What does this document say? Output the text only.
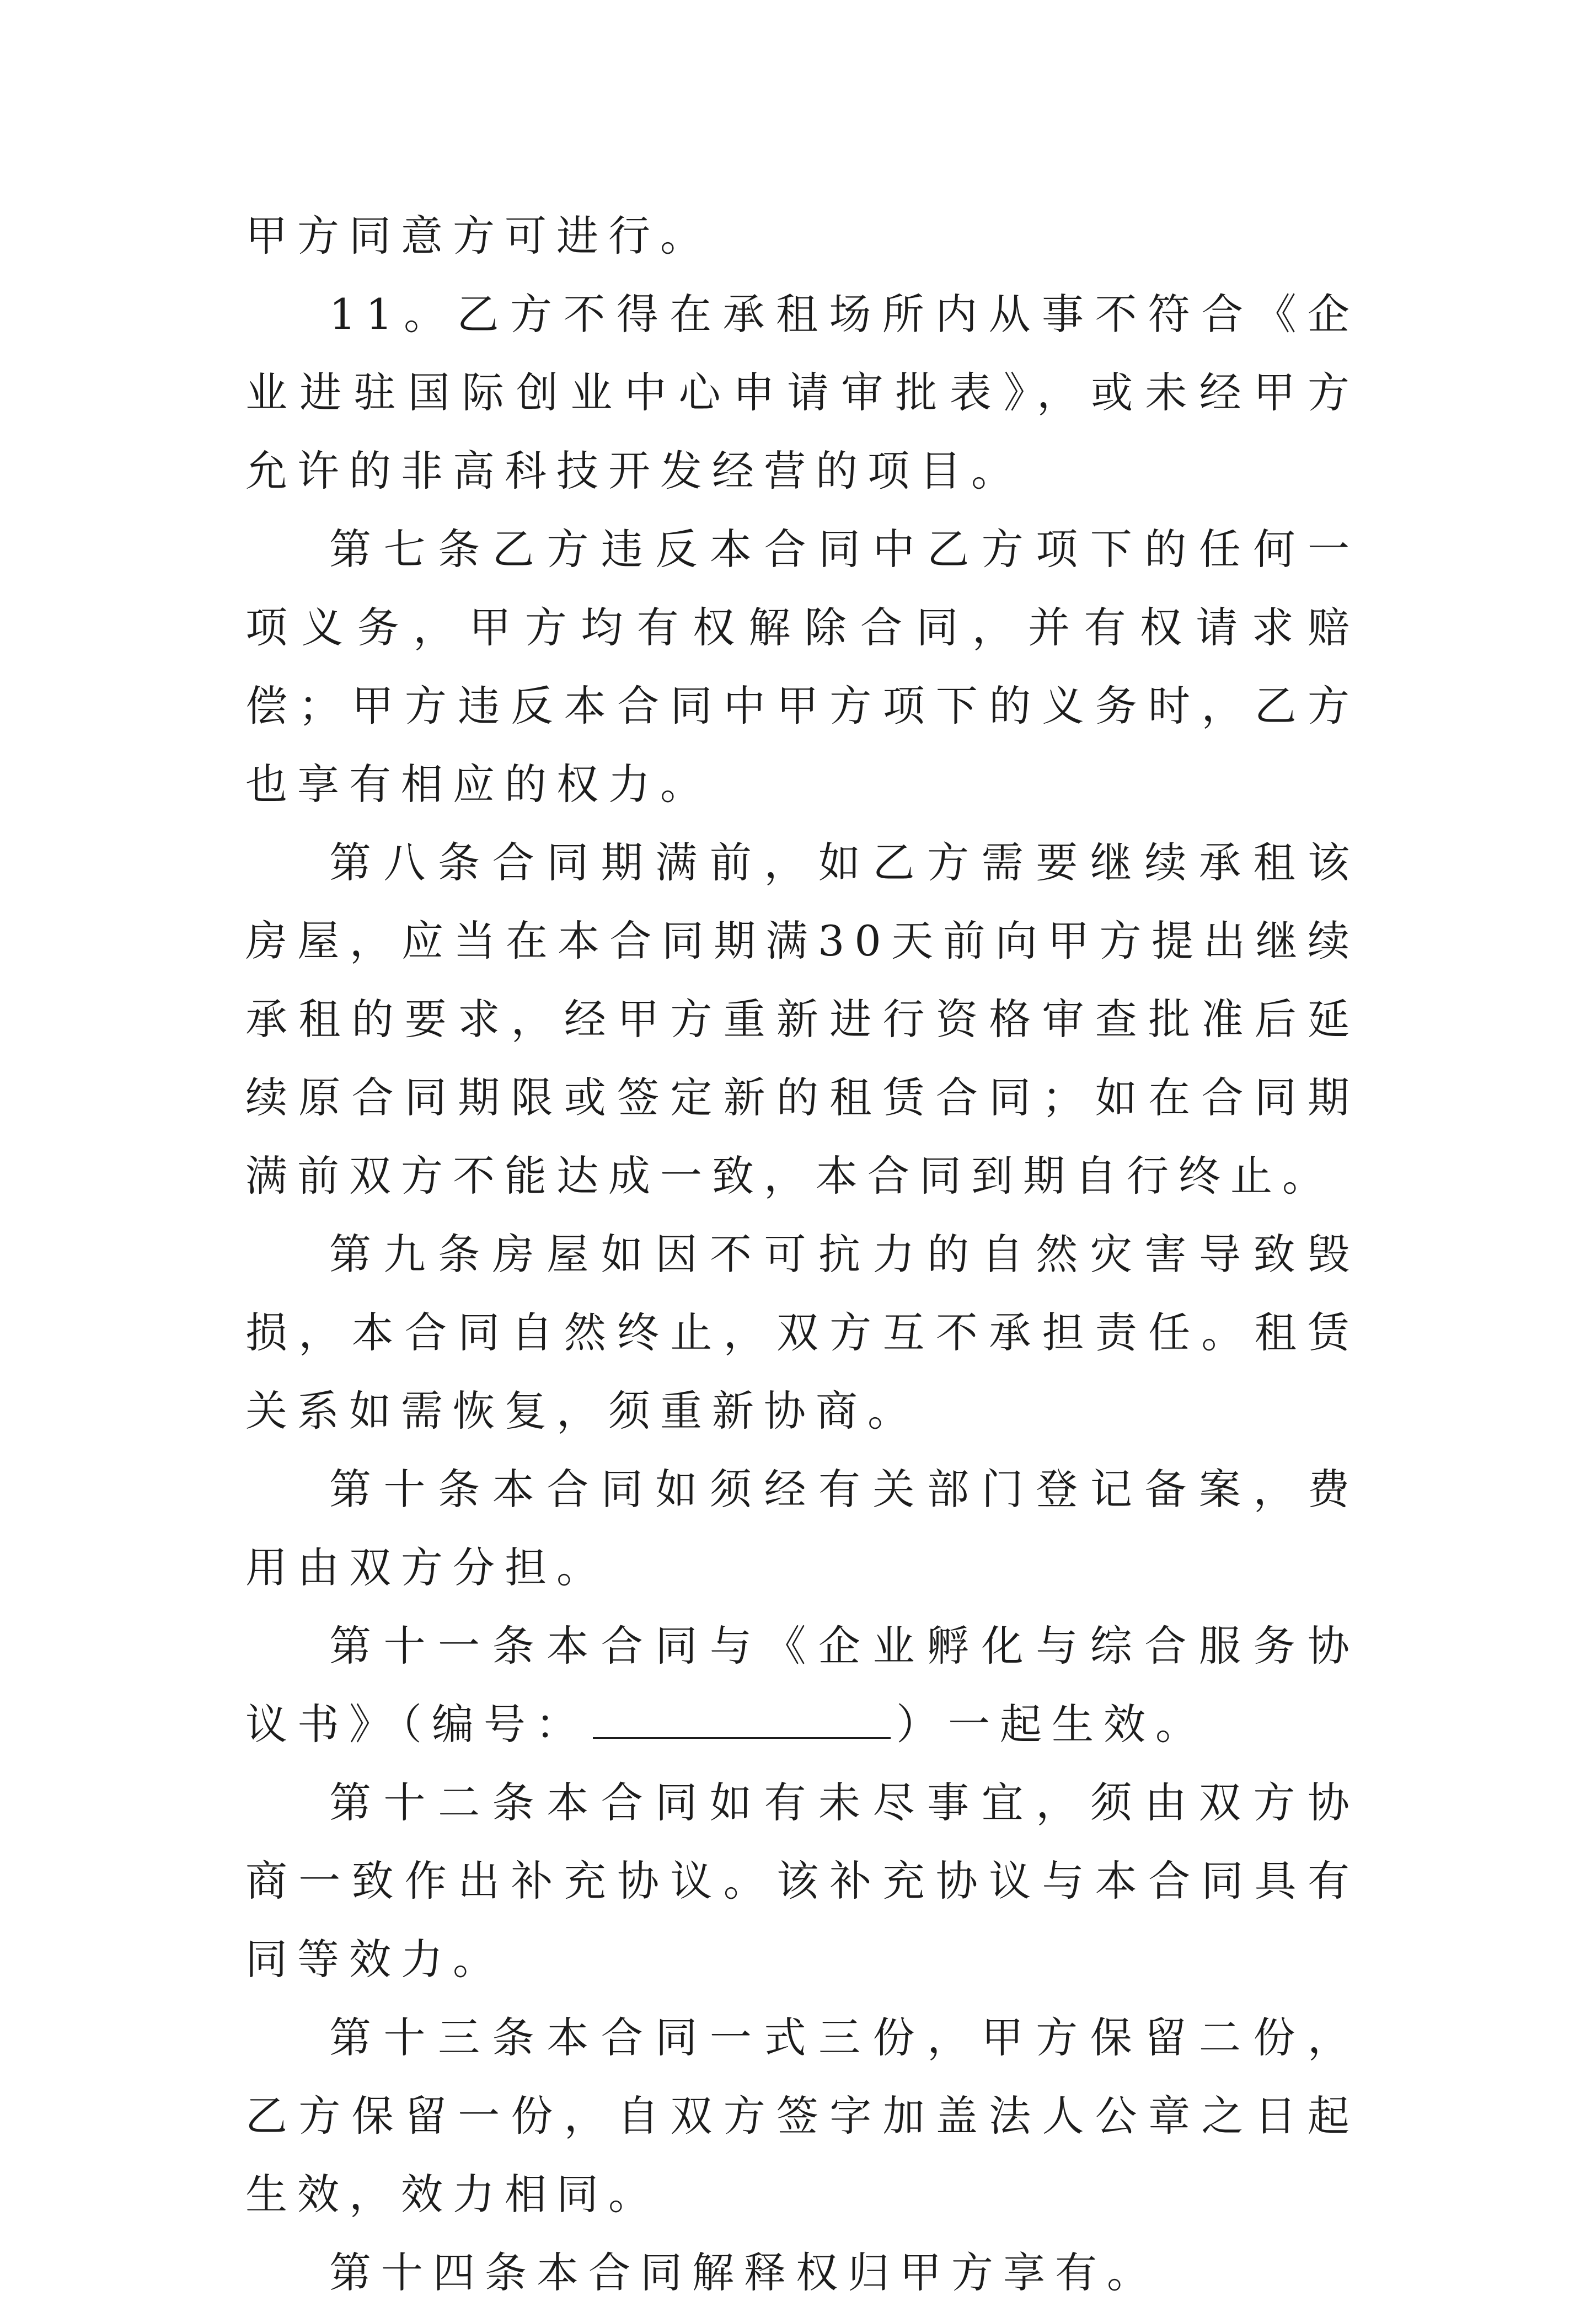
甲方同意方可进行。

11。乙方不得在承租场所内从事不符合《企业进驻国际创业中心申请审批表》，或未经甲方允许的非高科技开发经营的项目。

第七条乙方违反本合同中乙方项下的任何一项义务，甲方均有权解除合同，并有权请求赔偿；甲方违反本合同中甲方项下的义务时，乙方也享有相应的权力。

第八条合同期满前，如乙方需要继续承租该房屋，应当在本合同期满30天前向甲方提出继续承租的要求，经甲方重新进行资格审查批准后延续原合同期限或签定新的租赁合同；如在合同期满前双方不能达成一致，本合同到期自行终止。

第九条房屋如因不可抗力的自然灾害导致毁损，本合同自然终止，双方互不承担责任。租赁关系如需恢复，须重新协商。

第十条本合同如须经有关部门登记备案，费用由双方分担。

第十一条本合同与《企业孵化与综合服务协议书》（编号：	）一起生效。

第十二条本合同如有未尽事宜，须由双方协商一致作出补充协议。该补充协议与本合同具有同等效力。

第十三条本合同一式三份，甲方保留二份，乙方保留一份，自双方签字加盖法人公章之日起生效，效力相同。

第十四条本合同解释权归甲方享有。
